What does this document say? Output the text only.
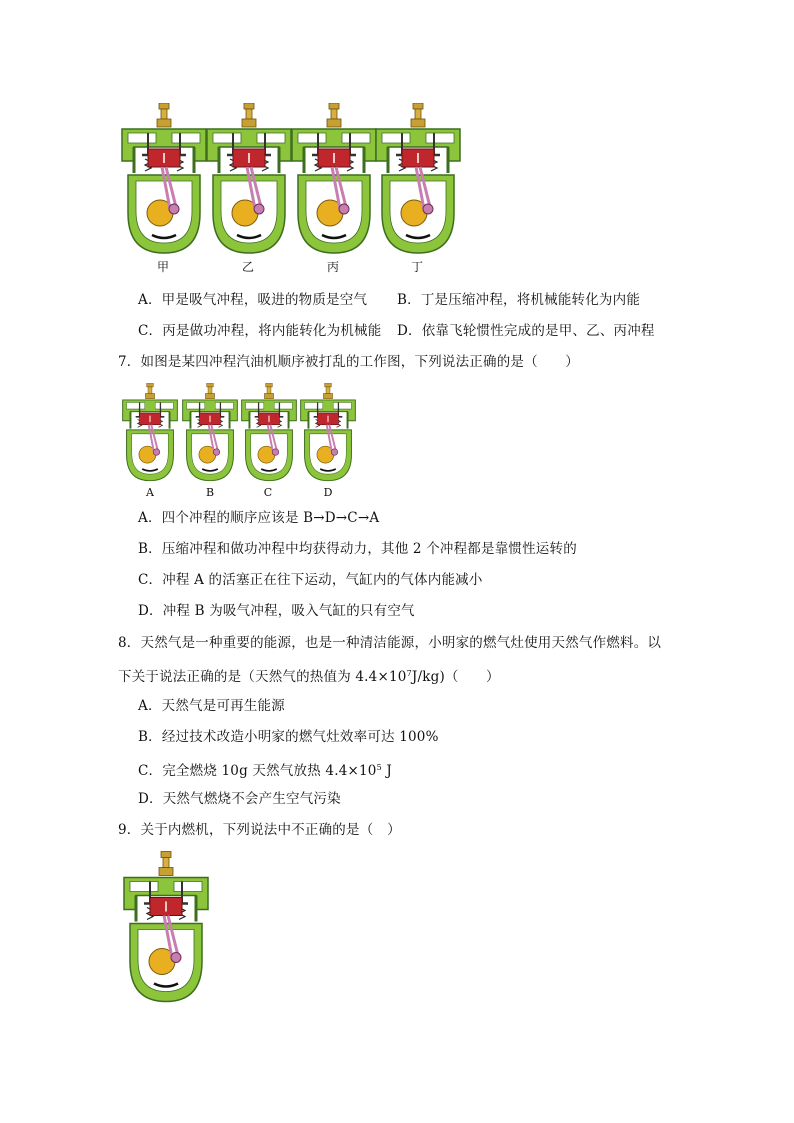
甲	乙	丙	丁
A．甲是吸气冲程，吸进的物质是空气 B．丁是压缩冲程，将机械能转化为内能
C．丙是做功冲程，将内能转化为机械能 D．依靠飞轮惯性完成的是甲、乙、丙冲程
7．如图是某四冲程汽油机顺序被打乱的工作图，下列说法正确的是（　　）
A	B	C	D
A．四个冲程的顺序应该是 B→D→C→A
B．压缩冲程和做功冲程中均获得动力，其他 2 个冲程都是靠惯性运转的
C．冲程 A 的活塞正在往下运动，气缸内的气体内能减小
D．冲程 B 为吸气冲程，吸入气缸的只有空气
8．天然气是一种重要的能源，也是一种清洁能源，小明家的燃气灶使用天然气作燃料。以
下关于说法正确的是（天然气的热值为 $4.4\times 10^7J/kg$)（　　）
A．天然气是可再生能源
B．经过技术改造小明家的燃气灶效率可达 100%
C．完全燃烧 10g 天然气放热 $4.4\times 10^5$ J
D．天然气燃烧不会产生空气污染
9．关于内燃机，下列说法中不正确的是（　）
